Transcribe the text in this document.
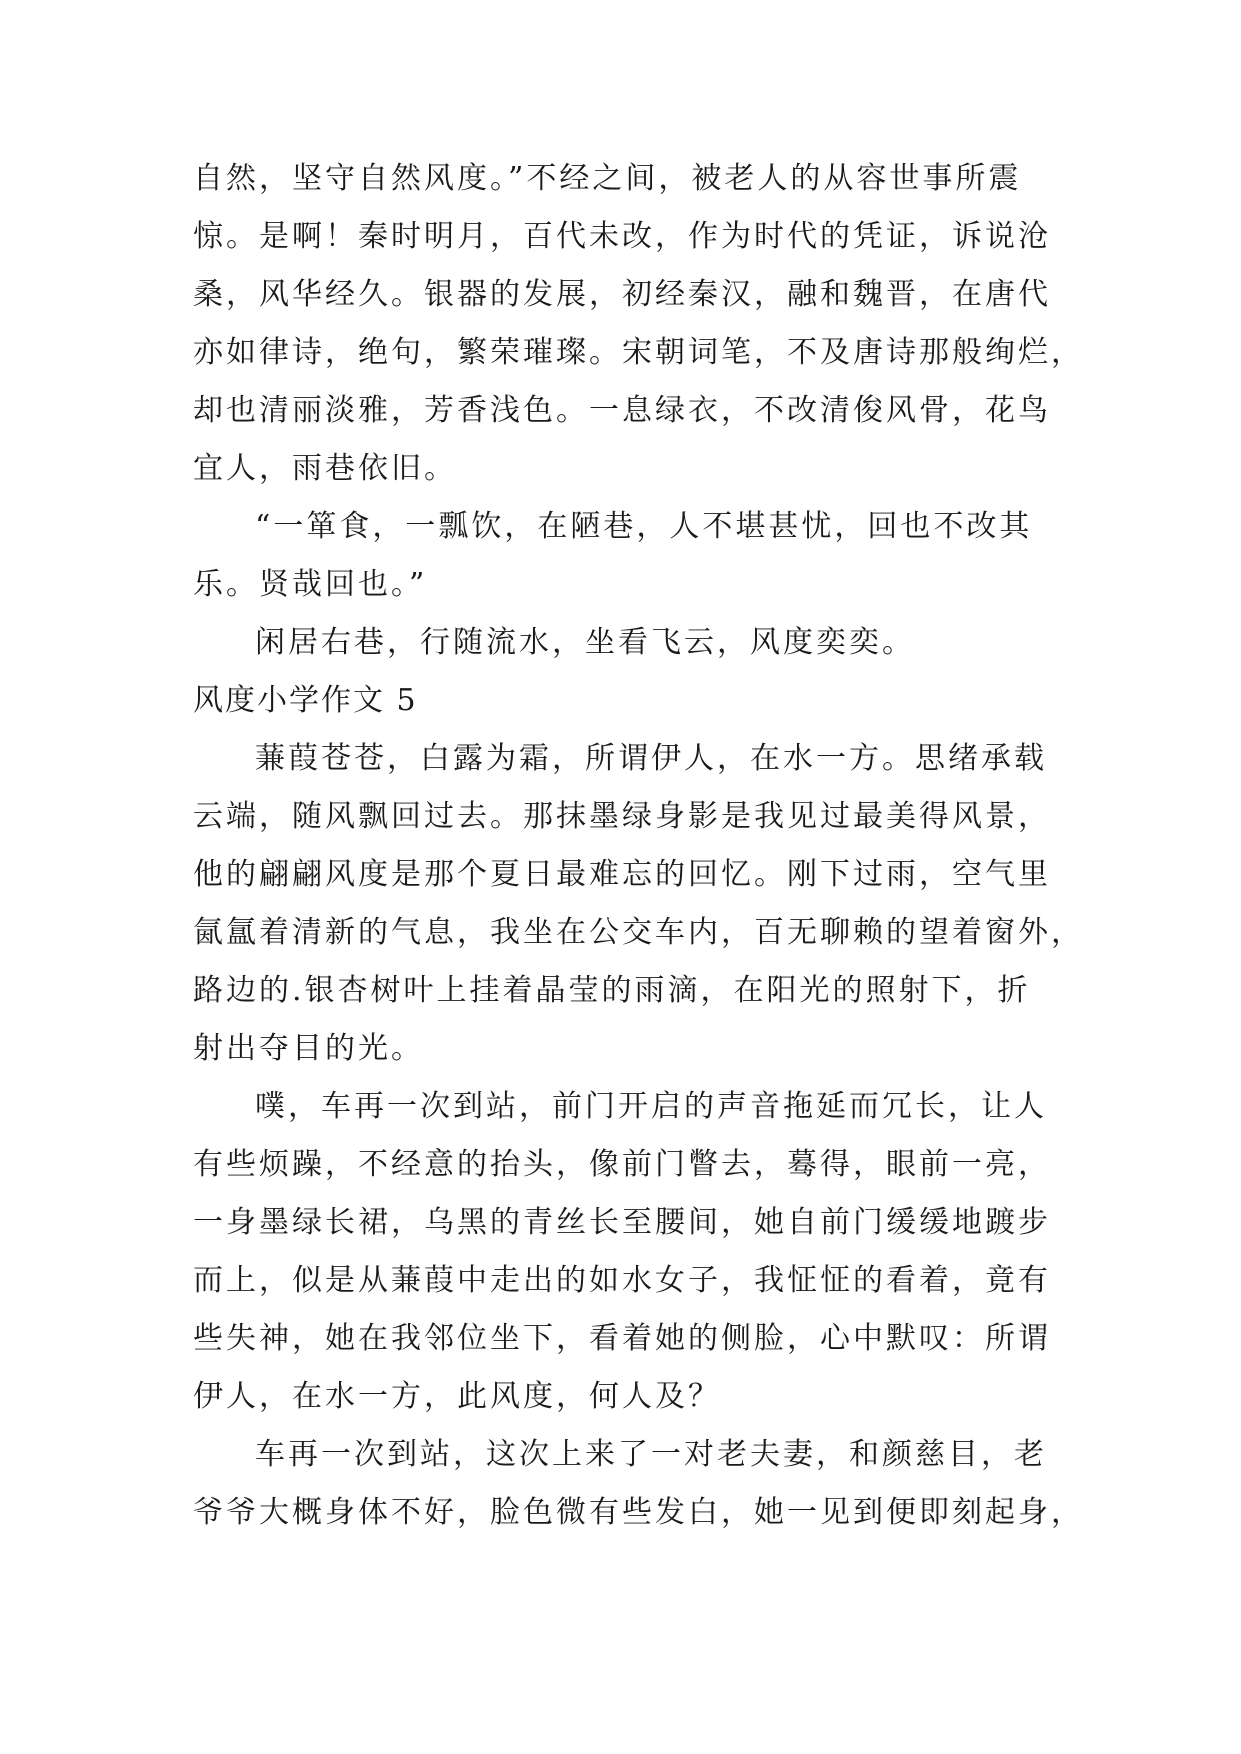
自然，坚守自然风度。”不经之间，被老人的从容世事所震
惊。是啊！秦时明月，百代未改，作为时代的凭证，诉说沧
桑，风华经久。银器的发展，初经秦汉，融和魏晋，在唐代
亦如律诗，绝句，繁荣璀璨。宋朝词笔，不及唐诗那般绚烂，
却也清丽淡雅，芳香浅色。一息绿衣，不改清俊风骨，花鸟
宜人，雨巷依旧。
“一箪食，一瓢饮，在陋巷，人不堪甚忧，回也不改其
乐。贤哉回也。”
闲居右巷，行随流水，坐看飞云，风度奕奕。
风度小学作文 5
蒹葭苍苍，白露为霜，所谓伊人，在水一方。思绪承载
云端，随风飘回过去。那抹墨绿身影是我见过最美得风景，
他的翩翩风度是那个夏日最难忘的回忆。刚下过雨，空气里
氤氲着清新的气息，我坐在公交车内，百无聊赖的望着窗外，
路边的.银杏树叶上挂着晶莹的雨滴，在阳光的照射下，折
射出夺目的光。
噗，车再一次到站，前门开启的声音拖延而冗长，让人
有些烦躁，不经意的抬头，像前门瞥去，蓦得，眼前一亮，
一身墨绿长裙，乌黑的青丝长至腰间，她自前门缓缓地踱步
而上，似是从蒹葭中走出的如水女子，我怔怔的看着，竟有
些失神，她在我邻位坐下，看着她的侧脸，心中默叹：所谓
伊人，在水一方，此风度，何人及？
车再一次到站，这次上来了一对老夫妻，和颜慈目，老
爷爷大概身体不好，脸色微有些发白，她一见到便即刻起身，
